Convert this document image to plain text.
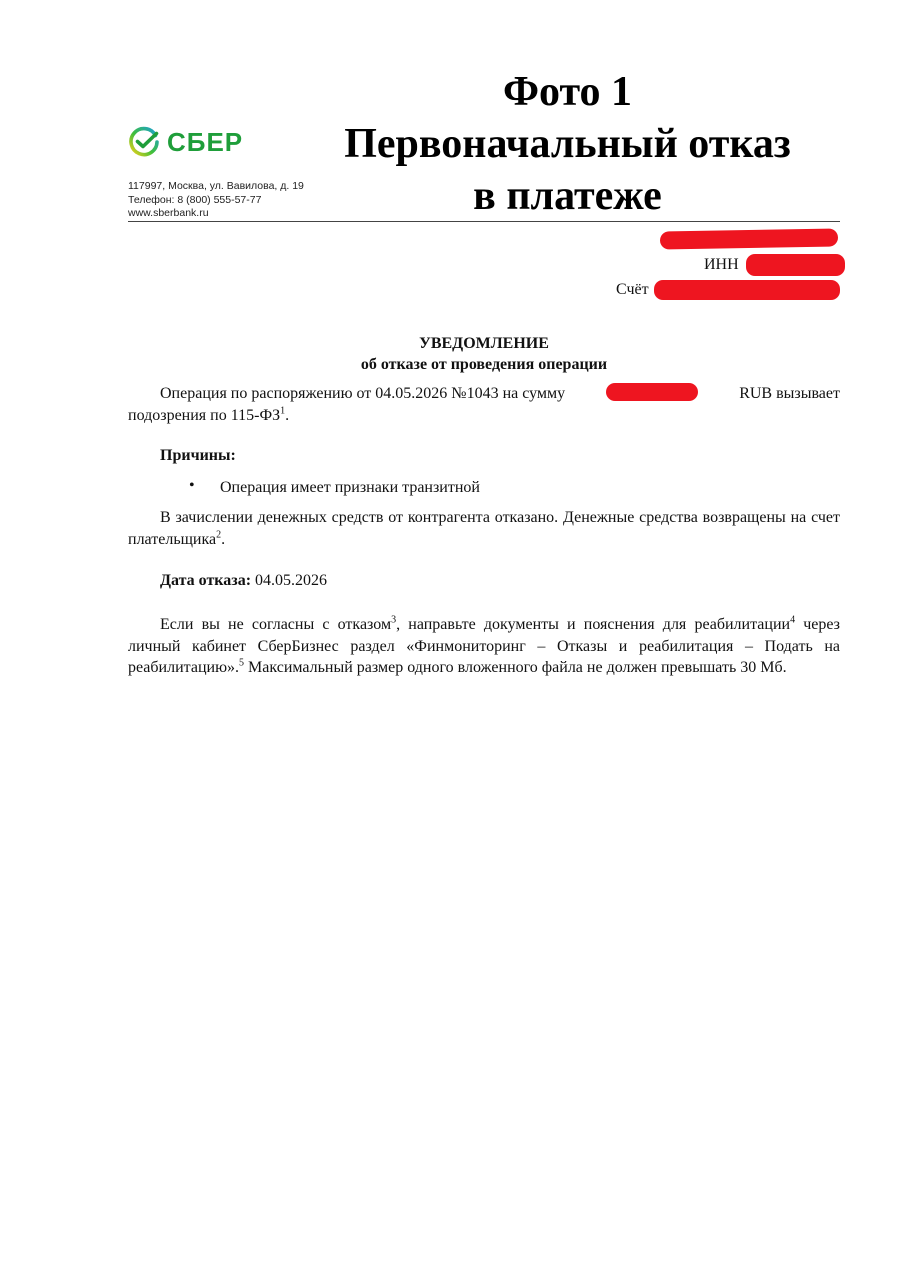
СБЕР
117997, Москва, ул. Вавилова, д. 19
Телефон: 8 (800) 555-57-77
www.sberbank.ru
Фото 1
Первоначальный отказ
в платеже
ИНН
Счёт
УВЕДОМЛЕНИЕ
об отказе от проведения операции
Операция по распоряжению от 04.05.2026 №1043 на сумму	RUB вызывает
подозрения по $115-ФЗ^1$.
Причины:
• Операция имеет признаки транзитной
В зачислении денежных средств от контрагента отказано. Денежные средства возвращены на счет плательщика$^2$.
Дата отказа: 04.05.2026
Если вы не согласны с отказом$^3$, направьте документы и пояснения для реабилитации$^4$ через личный кабинет СберБизнес раздел «Финмониторинг – Отказы и реабилитация – Подать на реабилитацию».$^5$ Максимальный размер одного вложенного файла не должен превышать 30 Мб.
